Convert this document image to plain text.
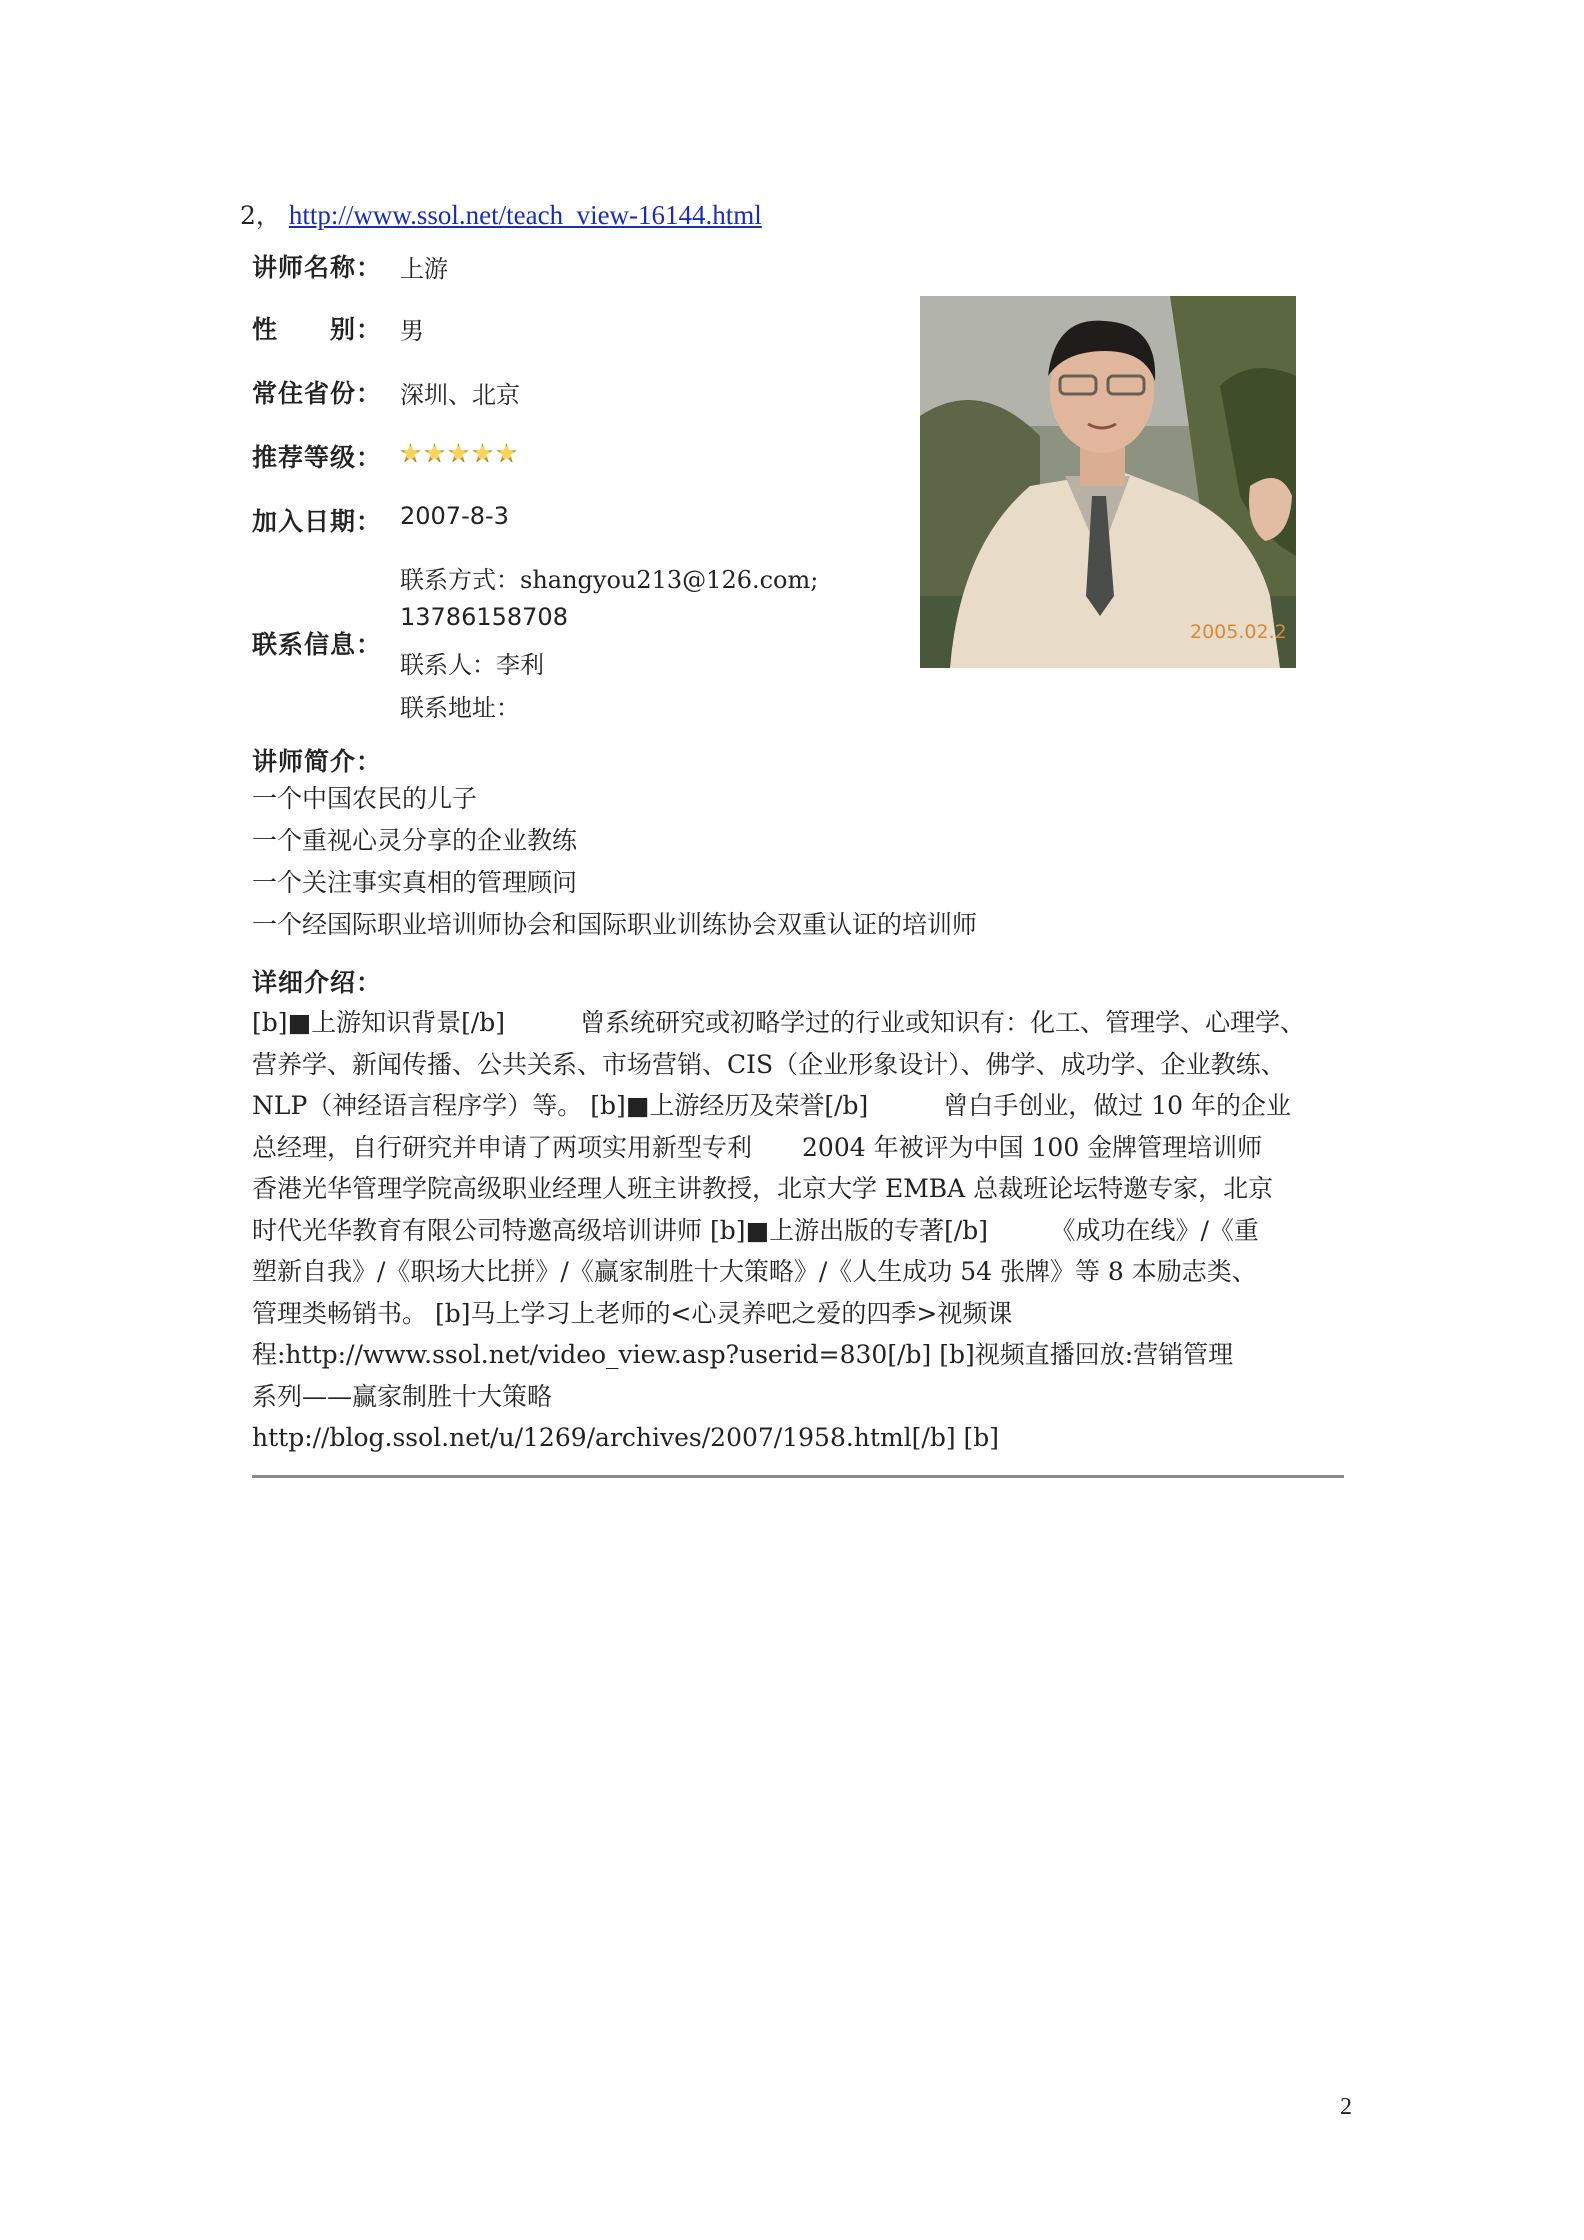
2， http://www.ssol.net/teach_view-16144.html
讲师名称： 上游
性　　别： 男
常住省份： 深圳、北京
推荐等级：
加入日期： 2007-8-3
联系方式：shangyou213@126.com;
13786158708
联系信息：
联系人：李利
联系地址：
2005.02.2
讲师简介：
一个中国农民的儿子
一个重视心灵分享的企业教练
一个关注事实真相的管理顾问
一个经国际职业培训师协会和国际职业训练协会双重认证的培训师
详细介绍：
[b]■上游知识背景[/b]　　　曾系统研究或初略学过的行业或知识有：化工、管理学、心理学、
营养学、新闻传播、公共关系、市场营销、CIS（企业形象设计）、佛学、成功学、企业教练、
NLP（神经语言程序学）等。 [b]■上游经历及荣誉[/b]　　　曾白手创业，做过 10 年的企业
总经理，自行研究并申请了两项实用新型专利　　2004 年被评为中国 100 金牌管理培训师
香港光华管理学院高级职业经理人班主讲教授，北京大学 EMBA 总裁班论坛特邀专家，北京
时代光华教育有限公司特邀高级培训讲师 [b]■上游出版的专著[/b]　　　《成功在线》/《重
塑新自我》/《职场大比拼》/《赢家制胜十大策略》/《人生成功 54 张牌》等 8 本励志类、
管理类畅销书。 [b]马上学习上老师的<心灵养吧之爱的四季>视频课
程:http://www.ssol.net/video_view.asp?userid=830[/b] [b]视频直播回放:营销管理
系列——赢家制胜十大策略
http://blog.ssol.net/u/1269/archives/2007/1958.html[/b] [b]
2
